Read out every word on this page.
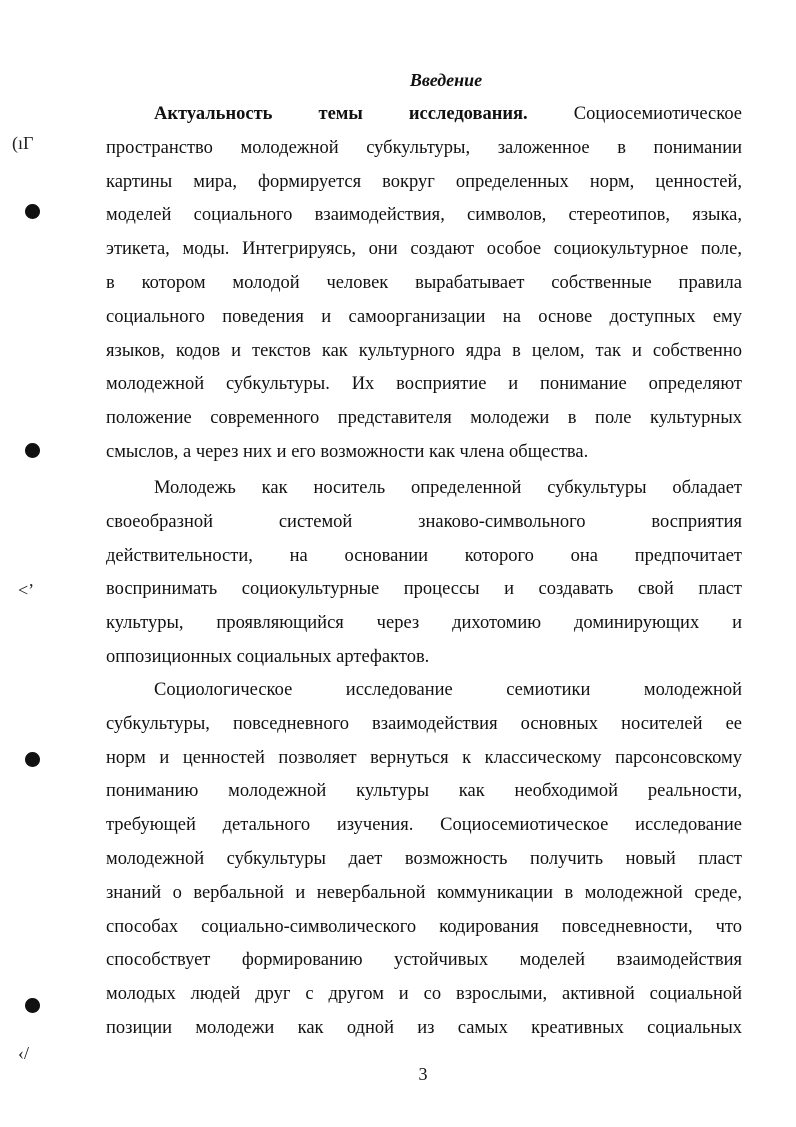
(ıΓ
<’
‹/
Введение
Актуальность темы исследования. Социосемиотическое
пространство молодежной субкультуры, заложенное в понимании
картины мира, формируется вокруг определенных норм, ценностей,
моделей социального взаимодействия, символов, стереотипов, языка,
этикета, моды. Интегрируясь, они создают особое социокультурное поле,
в котором молодой человек вырабатывает собственные правила
социального поведения и самоорганизации на основе доступных ему
языков, кодов и текстов как культурного ядра в целом, так и собственно
молодежной субкультуры. Их восприятие и понимание определяют
положение современного представителя молодежи в поле культурных
смыслов, а через них и его возможности как члена общества.
Молодежь как носитель определенной субкультуры обладает
своеобразной системой знаково-символьного восприятия
действительности, на основании которого она предпочитает
воспринимать социокультурные процессы и создавать свой пласт
культуры, проявляющийся через дихотомию доминирующих и
оппозиционных социальных артефактов.
Социологическое исследование семиотики молодежной
субкультуры, повседневного взаимодействия основных носителей ее
норм и ценностей позволяет вернуться к классическому парсонсовскому
пониманию молодежной культуры как необходимой реальности,
требующей детального изучения. Социосемиотическое исследование
молодежной субкультуры дает возможность получить новый пласт
знаний о вербальной и невербальной коммуникации в молодежной среде,
способах социально-символического кодирования повседневности, что
способствует формированию устойчивых моделей взаимодействия
молодых людей друг с другом и со взрослыми, активной социальной
позиции молодежи как одной из самых креативных социальных
3
